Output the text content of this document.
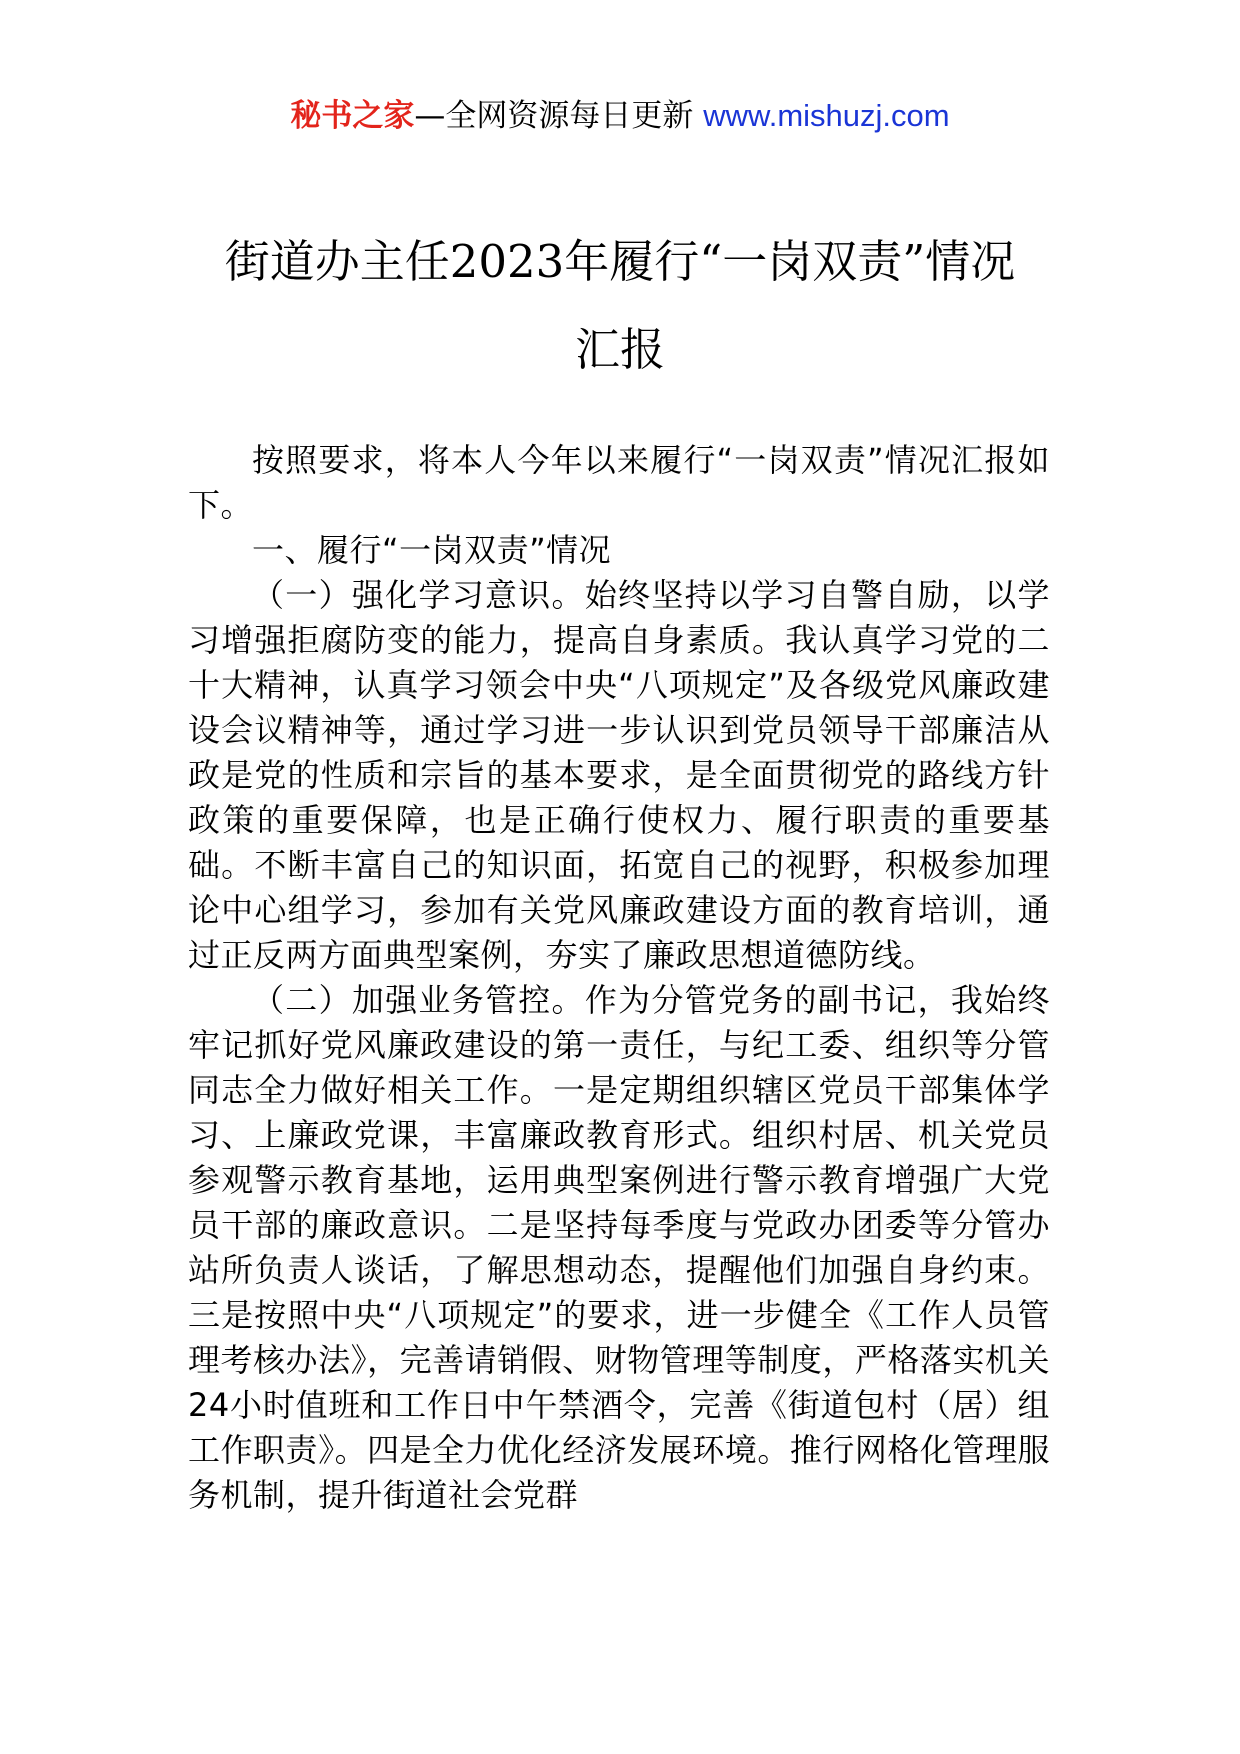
秘书之家—全网资源每日更新 www.mishuzj.com
街道办主任2023年履行“一岗双责”情况
汇报

按照要求，将本人今年以来履行“一岗双责”情况汇报如下。

一、履行“一岗双责”情况

（一）强化学习意识。始终坚持以学习自警自励，以学习增强拒腐防变的能力，提高自身素质。我认真学习党的二十大精神，认真学习领会中央“八项规定”及各级党风廉政建设会议精神等，通过学习进一步认识到党员领导干部廉洁从政是党的性质和宗旨的基本要求，是全面贯彻党的路线方针政策的重要保障，也是正确行使权力、履行职责的重要基础。不断丰富自己的知识面，拓宽自己的视野，积极参加理论中心组学习，参加有关党风廉政建设方面的教育培训，通过正反两方面典型案例，夯实了廉政思想道德防线。

（二）加强业务管控。作为分管党务的副书记，我始终牢记抓好党风廉政建设的第一责任，与纪工委、组织等分管同志全力做好相关工作。一是定期组织辖区党员干部集体学习、上廉政党课，丰富廉政教育形式。组织村居、机关党员参观警示教育基地，运用典型案例进行警示教育增强广大党员干部的廉政意识。二是坚持每季度与党政办团委等分管办站所负责人谈话，了解思想动态，提醒他们加强自身约束。三是按照中央“八项规定”的要求，进一步健全《工作人员管理考核办法》，完善请销假、财物管理等制度，严格落实机关24小时值班和工作日中午禁酒令，完善《街道包村（居）组工作职责》。四是全力优化经济发展环境。推行网格化管理服务机制，提升街道社会党群
